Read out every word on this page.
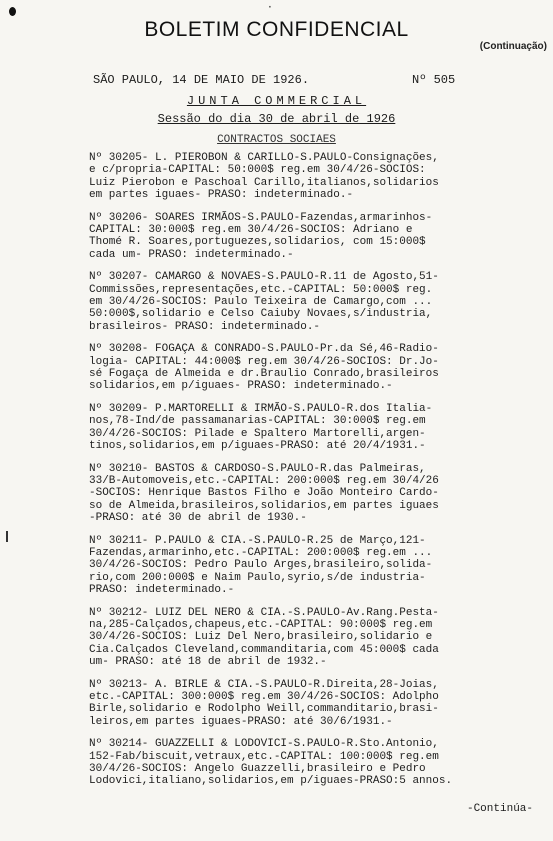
·
BOLETIM CONFIDENCIAL
(Continuação)
SÃO PAULO, 14 DE MAIO DE 1926.	Nº 505
JUNTA COMMERCIAL
Sessão do dia 30 de abril de 1926
CONTRACTOS SOCIAES
Nº 30205- L. PIEROBON & CARILLO-S.PAULO-Consignações,
e c/propria-CAPITAL: 50:000$ reg.em 30/4/26-SOCIOS:
Luiz Pierobon e Paschoal Carillo,italianos,solidarios
em partes iguaes- PRASO: indeterminado.-
Nº 30206- SOARES IRMÃOS-S.PAULO-Fazendas,armarinhos-
CAPITAL: 30:000$ reg.em 30/4/26-SOCIOS: Adriano e
Thomé R. Soares,portuguezes,solidarios, com 15:000$
cada um- PRASO: indeterminado.-
Nº 30207- CAMARGO & NOVAES-S.PAULO-R.11 de Agosto,51-
Commissões,representações,etc.-CAPITAL: 50:000$ reg.
em 30/4/26-SOCIOS: Paulo Teixeira de Camargo,com ...
50:000$,solidario e Celso Caiuby Novaes,s/industria,
brasileiros- PRASO: indeterminado.-
Nº 30208- FOGAÇA & CONRADO-S.PAULO-Pr.da Sé,46-Radio-
logia- CAPITAL: 44:000$ reg.em 30/4/26-SOCIOS: Dr.Jo-
sé Fogaça de Almeida e dr.Braulio Conrado,brasileiros
solidarios,em p/iguaes- PRASO: indeterminado.-
Nº 30209- P.MARTORELLI & IRMÃO-S.PAULO-R.dos Italia-
nos,78-Ind/de passamanarias-CAPITAL: 30:000$ reg.em
30/4/26-SOCIOS: Pilade e Spaltero Martorelli,argen-
tinos,solidarios,em p/iguaes-PRASO: até 20/4/1931.-
Nº 30210- BASTOS & CARDOSO-S.PAULO-R.das Palmeiras,
33/B-Automoveis,etc.-CAPITAL: 200:000$ reg.em 30/4/26
-SOCIOS: Henrique Bastos Filho e João Monteiro Cardo-
so de Almeida,brasileiros,solidarios,em partes iguaes
-PRASO: até 30 de abril de 1930.-
Nº 30211- P.PAULO & CIA.-S.PAULO-R.25 de Março,121-
Fazendas,armarinho,etc.-CAPITAL: 200:000$ reg.em ...
30/4/26-SOCIOS: Pedro Paulo Arges,brasileiro,solida-
rio,com 200:000$ e Naim Paulo,syrio,s/de industria-
PRASO: indeterminado.-
Nº 30212- LUIZ DEL NERO & CIA.-S.PAULO-Av.Rang.Pesta-
na,285-Calçados,chapeus,etc.-CAPITAL: 90:000$ reg.em
30/4/26-SOCIOS: Luiz Del Nero,brasileiro,solidario e
Cia.Calçados Cleveland,commanditaria,com 45:000$ cada
um- PRASO: até 18 de abril de 1932.-
Nº 30213- A. BIRLE & CIA.-S.PAULO-R.Direita,28-Joias,
etc.-CAPITAL: 300:000$ reg.em 30/4/26-SOCIOS: Adolpho
Birle,solidario e Rodolpho Weill,commanditario,brasi-
leiros,em partes iguaes-PRASO: até 30/6/1931.-
Nº 30214- GUAZZELLI & LODOVICI-S.PAULO-R.Sto.Antonio,
152-Fab/biscuit,vetraux,etc.-CAPITAL: 100:000$ reg.em
30/4/26-SOCIOS: Angelo Guazzelli,brasileiro e Pedro
Lodovici,italiano,solidarios,em p/iguaes-PRASO:5 annos.
-Continúa-
